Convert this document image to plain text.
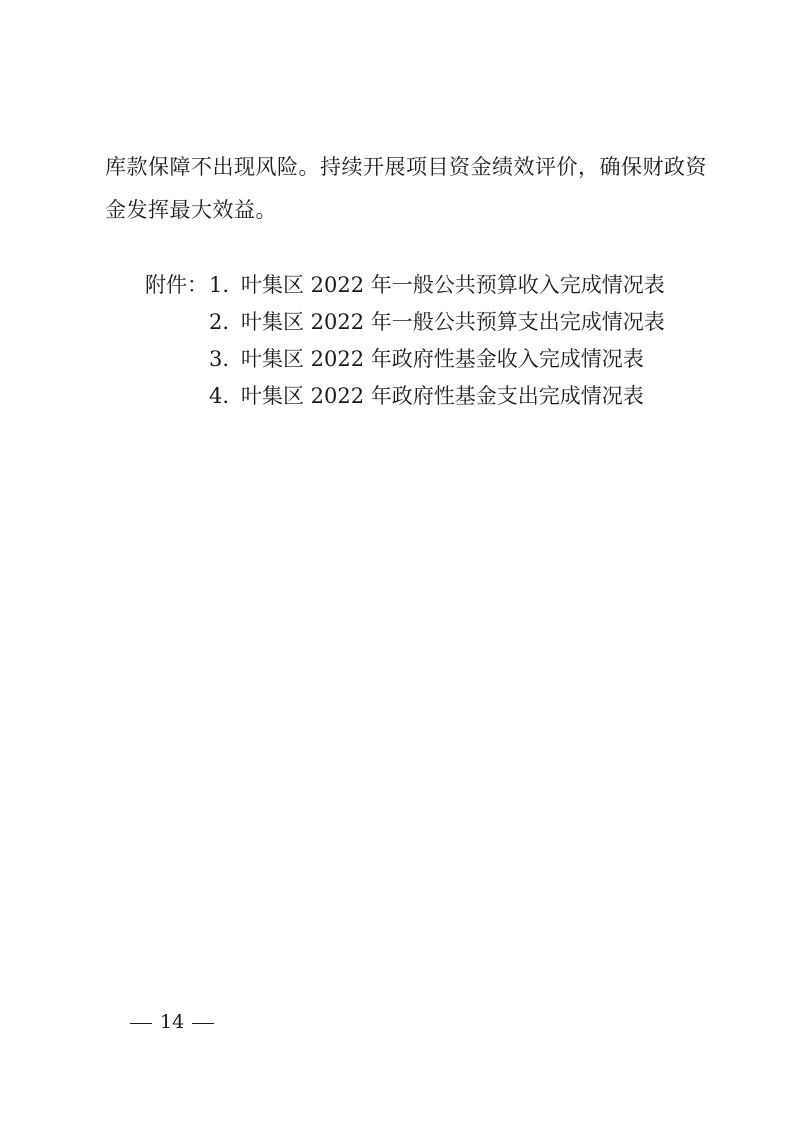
库款保障不出现风险。持续开展项目资金绩效评价，确保财政资
金发挥最大效益。

附件： 1. 叶集区 2022 年一般公共预算收入完成情况表
2. 叶集区 2022 年一般公共预算支出完成情况表
3. 叶集区 2022 年政府性基金收入完成情况表
4. 叶集区 2022 年政府性基金支出完成情况表
14
